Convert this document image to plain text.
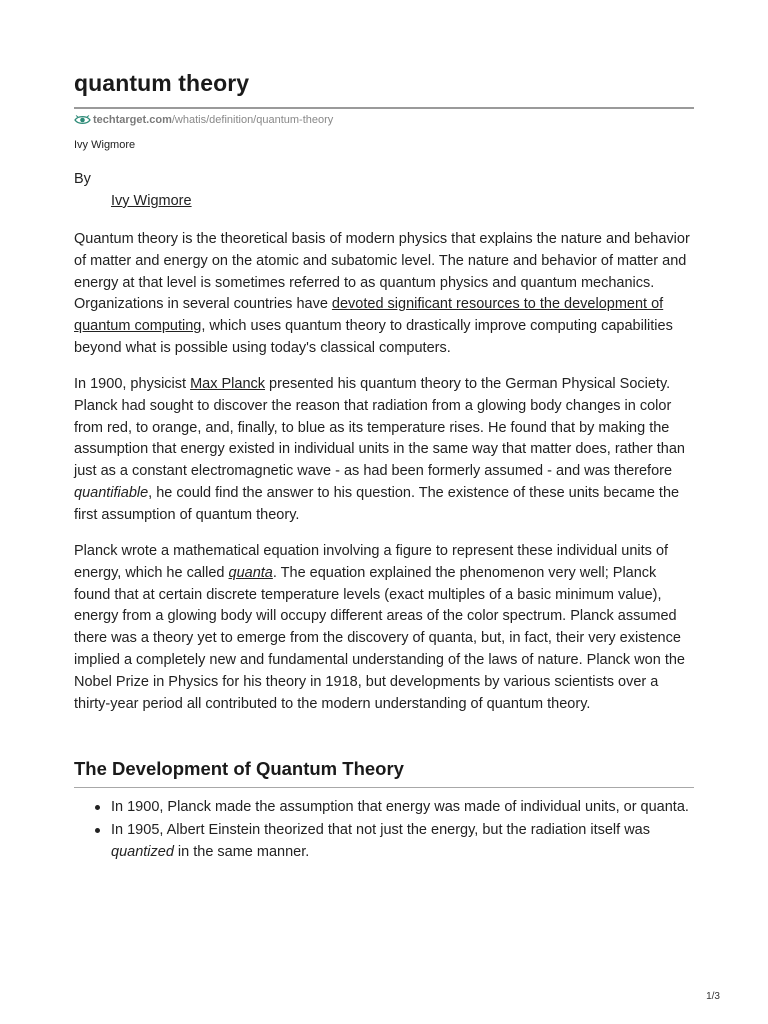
quantum theory
techtarget.com /whatis/definition/quantum-theory
Ivy Wigmore
By
Ivy Wigmore

Quantum theory is the theoretical basis of modern physics that explains the nature and behavior of matter and energy on the atomic and subatomic level. The nature and behavior of matter and energy at that level is sometimes referred to as quantum physics and quantum mechanics. Organizations in several countries have devoted significant resources to the development of quantum computing, which uses quantum theory to drastically improve computing capabilities beyond what is possible using today's classical computers.

In 1900, physicist Max Planck presented his quantum theory to the German Physical Society. Planck had sought to discover the reason that radiation from a glowing body changes in color from red, to orange, and, finally, to blue as its temperature rises. He found that by making the assumption that energy existed in individual units in the same way that matter does, rather than just as a constant electromagnetic wave - as had been formerly assumed - and was therefore quantifiable, he could find the answer to his question. The existence of these units became the first assumption of quantum theory.

Planck wrote a mathematical equation involving a figure to represent these individual units of energy, which he called quanta. The equation explained the phenomenon very well; Planck found that at certain discrete temperature levels (exact multiples of a basic minimum value), energy from a glowing body will occupy different areas of the color spectrum. Planck assumed there was a theory yet to emerge from the discovery of quanta, but, in fact, their very existence implied a completely new and fundamental understanding of the laws of nature. Planck won the Nobel Prize in Physics for his theory in 1918, but developments by various scientists over a thirty-year period all contributed to the modern understanding of quantum theory.

The Development of Quantum Theory
In 1900, Planck made the assumption that energy was made of individual units, or quanta.
In 1905, Albert Einstein theorized that not just the energy, but the radiation itself was quantized in the same manner.
1/3
